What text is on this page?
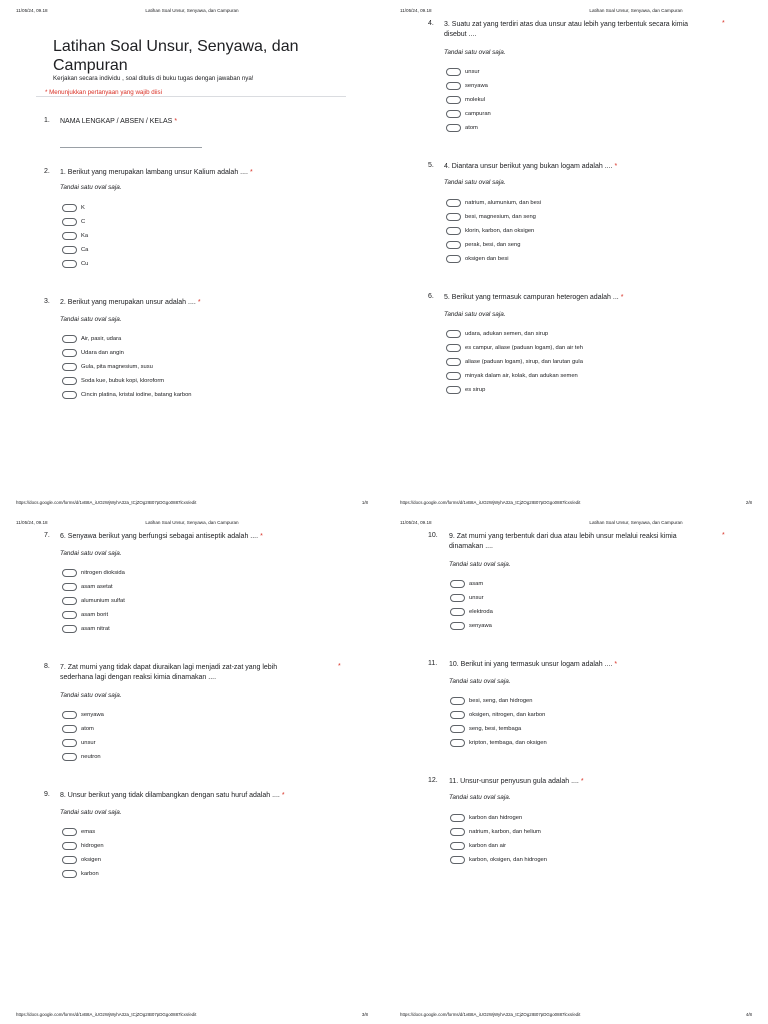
11/05/24, 09.18	Latihan Soal Unsur, Senyawa, dan Campuran
Latihan Soal Unsur, Senyawa, dan Campuran
Kerjakan secara individu , soal ditulis di buku tugas dengan jawaban nya!
* Menunjukkan pertanyaan yang wajib diisi
1. NAMA LENGKAP / ABSEN / KELAS *
2. 1. Berikut yang merupakan lambang unsur Kalium adalah .... *
Tandai satu oval saja.
K
C
Ka
Ca
Cu
3. 2. Berikut yang merupakan unsur adalah .... *
Tandai satu oval saja.
Air, pasir, udara
Udara dan angin
Gula, pita magnesium, susu
Soda kue, bubuk kopi, kloroform
Cincin platina, kristal iodine, batang karbon
https://docs.google.com/forms/d/1vB8A_iUO2WjWyhA32a_tCjZOg2IB07pDGgo0887lcxs/edit	1/8
11/05/24, 09.18	Latihan Soal Unsur, Senyawa, dan Campuran
4. 3. Suatu zat yang terdiri atas dua unsur atau lebih yang terbentuk secara kimia
disebut ....
*
Tandai satu oval saja.
unsur
senyawa
molekul
campuran
atom
5. 4. Diantara unsur berikut yang bukan logam adalah .... *
Tandai satu oval saja.
natrium, alumunium, dan besi
besi, magnesium, dan seng
klorin, karbon, dan oksigen
perak, besi, dan seng
oksigen dan besi
6. 5. Berikut yang termasuk campuran heterogen adalah ... *
Tandai satu oval saja.
udara, adukan semen, dan sirup
es campur, aliase (paduan logam), dan air teh
aliase (paduan logam), sirup, dan larutan gula
minyak dalam air, kolak, dan adukan semen
es sirup
https://docs.google.com/forms/d/1vB8A_iUO2WjWyhA32a_tCjZOg2IB07pDGgo0887lcxs/edit	2/8
11/05/24, 09.18	Latihan Soal Unsur, Senyawa, dan Campuran
7. 6. Senyawa berikut yang berfungsi sebagai antiseptik adalah .... *
Tandai satu oval saja.
nitrogen dioksida
asam asetat
alumunium sulfat
asam borit
asam nitrat
8. 7. Zat murni yang tidak dapat diuraikan lagi menjadi zat-zat yang lebih
sederhana lagi dengan reaksi kimia dinamakan ....
*
Tandai satu oval saja.
senyawa
atom
unsur
neutron
9. 8. Unsur berikut yang tidak dilambangkan dengan satu huruf adalah .... *
Tandai satu oval saja.
emas
hidrogen
oksigen
karbon
https://docs.google.com/forms/d/1vB8A_iUO2WjWyhA32a_tCjZOg2IB07pDGgo0887lcxs/edit	3/8
11/05/24, 09.18	Latihan Soal Unsur, Senyawa, dan Campuran
10. 9. Zat murni yang terbentuk dari dua atau lebih unsur melalui reaksi kimia
dinamakan ....
*
Tandai satu oval saja.
asam
unsur
elektroda
senyawa
11. 10. Berikut ini yang termasuk unsur logam adalah .... *
Tandai satu oval saja.
besi, seng, dan hidrogen
oksigen, nitrogen, dan karbon
seng, besi, tembaga
kripton, tembaga, dan oksigen
12. 11. Unsur-unsur penyusun gula adalah .... *
Tandai satu oval saja.
karbon dan hidrogen
natrium, karbon, dan helium
karbon dan air
karbon, oksigen, dan hidrogen
https://docs.google.com/forms/d/1vB8A_iUO2WjWyhA32a_tCjZOg2IB07pDGgo0887lcxs/edit	4/8
